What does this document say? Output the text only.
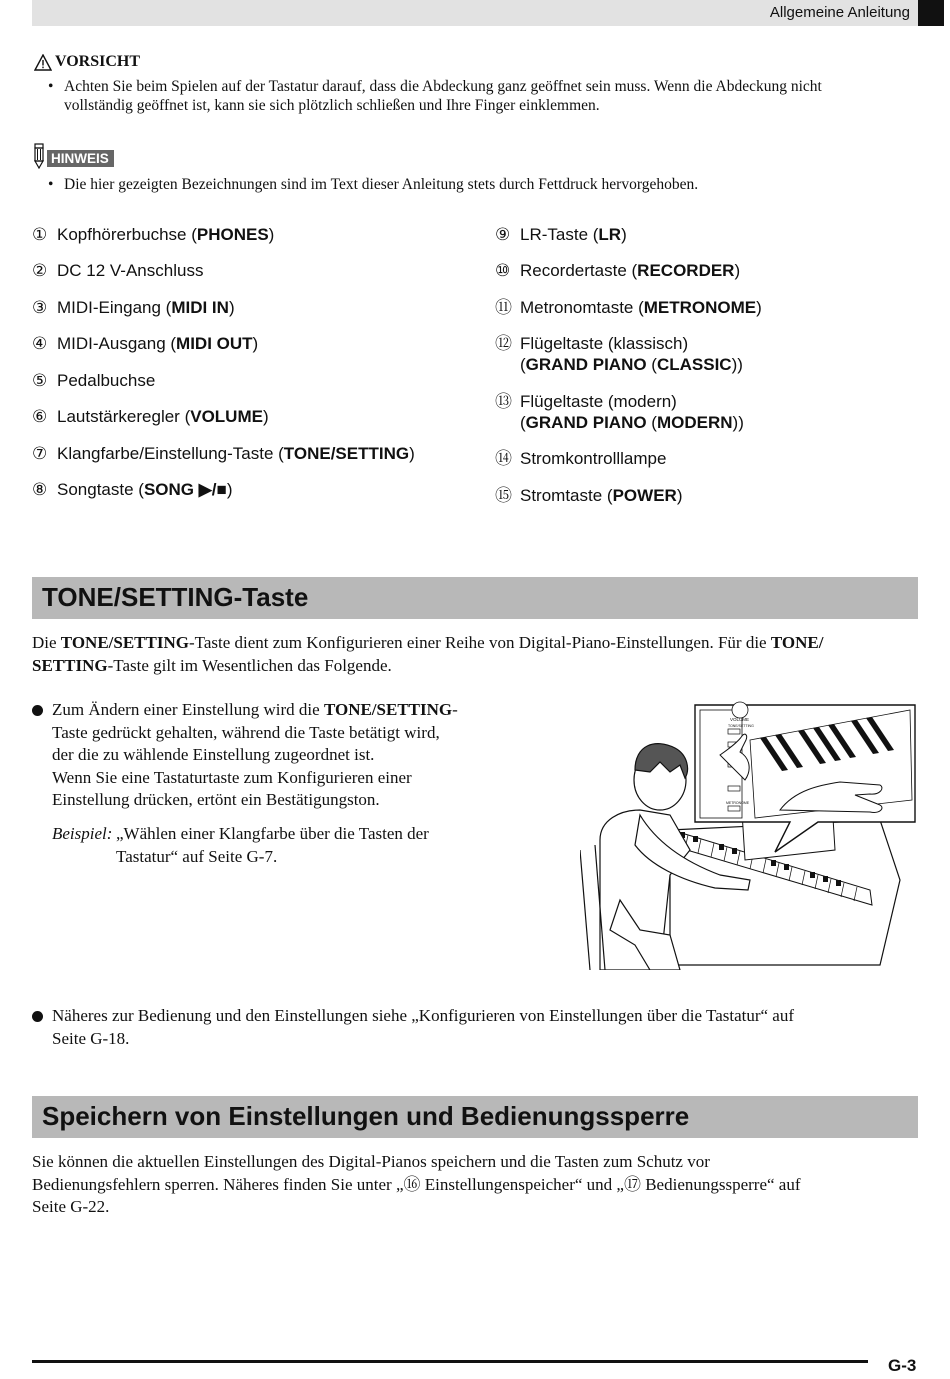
Allgemeine Anleitung
VORSICHT
• Achten Sie beim Spielen auf der Tastatur darauf, dass die Abdeckung ganz geöffnet sein muss. Wenn die Abdeckung nicht
vollständig geöffnet ist, kann sie sich plötzlich schließen und Ihre Finger einklemmen.
HINWEIS
• Die hier gezeigten Bezeichnungen sind im Text dieser Anleitung stets durch Fettdruck hervorgehoben.
① Kopfhörerbuchse (PHONES)
② DC 12 V-Anschluss
③ MIDI-Eingang (MIDI IN)
④ MIDI-Ausgang (MIDI OUT)
⑤ Pedalbuchse
⑥ Lautstärkeregler (VOLUME)
⑦ Klangfarbe/Einstellung-Taste (TONE/SETTING)
⑧ Songtaste (SONG ▶/■)
⑨ LR-Taste (LR)
⑩ Recordertaste (RECORDER)
⑪ Metronomtaste (METRONOME)
⑫ Flügeltaste (klassisch)
(GRAND PIANO (CLASSIC))
⑬ Flügeltaste (modern)
(GRAND PIANO (MODERN))
⑭ Stromkontrolllampe
⑮ Stromtaste (POWER)
TONE/SETTING-Taste
Die TONE/SETTING-Taste dient zum Konfigurieren einer Reihe von Digital-Piano-Einstellungen. Für die TONE/
SETTING-Taste gilt im Wesentlichen das Folgende.
Zum Ändern einer Einstellung wird die TONE/SETTING-
Taste gedrückt gehalten, während die Taste betätigt wird,
der die zu wählende Einstellung zugeordnet ist.
Wenn Sie eine Tastaturtaste zum Konfigurieren einer
Einstellung drücken, ertönt ein Bestätigungston.
Beispiel: „Wählen einer Klangfarbe über die Tasten der
Tastatur“ auf Seite G-7.
VOLUME
TONE/SETTING
METRONOME
Näheres zur Bedienung und den Einstellungen siehe „Konfigurieren von Einstellungen über die Tastatur“ auf
Seite G-18.
Speichern von Einstellungen und Bedienungssperre
Sie können die aktuellen Einstellungen des Digital-Pianos speichern und die Tasten zum Schutz vor
Bedienungsfehlern sperren. Näheres finden Sie unter „⑯ Einstellungenspeicher“ und „⑰ Bedienungssperre“ auf
Seite G-22.
G-3
